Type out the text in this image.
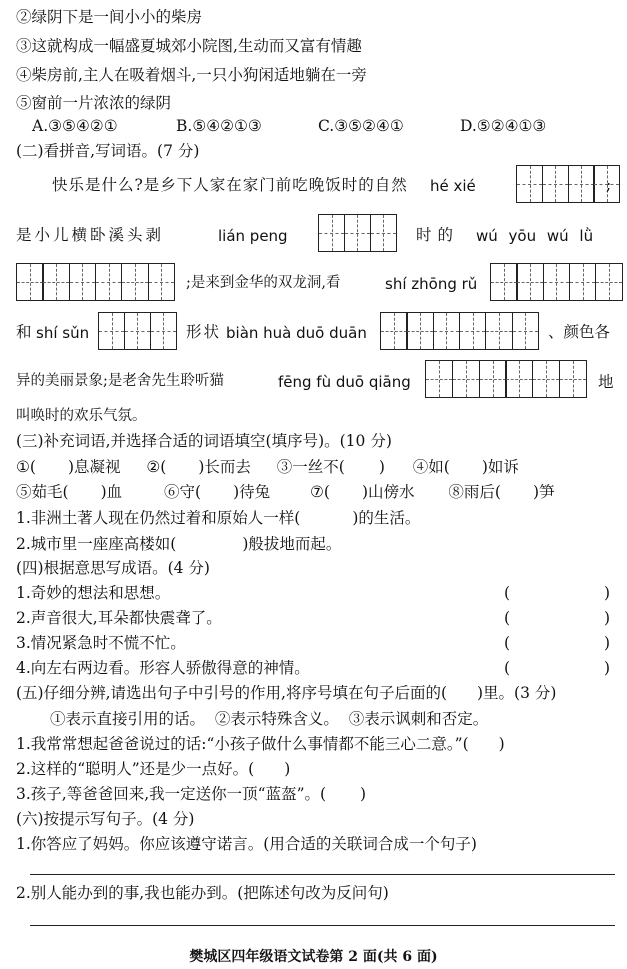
②绿阴下是一间小小的柴房
③这就构成一幅盛夏城郊小院图,生动而又富有情趣
④柴房前,主人在吸着烟斗,一只小狗闲适地躺在一旁
⑤窗前一片浓浓的绿阴
A.③⑤④②①	B.⑤④②①③	C.③⑤②④①	D.⑤②④①③
(二)看拼音,写词语。(7 分)
快乐是什么?是乡下人家在家门前吃晚饭时的自然 hé xié	;
是小儿横卧溪头剥	lián peng	时的 wú yōu wú lǜ
;是来到金华的双龙洞,看	shí zhōng rǔ
和 shí sǔn	形状 biàn huà duō duān	、颜色各
异的美丽景象;是老舍先生聆听猫	fēng fù duō qiāng	地
叫唤时的欢乐气氛。
(三)补充词语,并选择合适的词语填空(填序号)。(10 分)
①( )息凝视 ②( )长而去 ③一丝不( ) ④如( )如诉
⑤茹毛( )血	⑥守( )待兔	⑦( )山傍水 ⑧雨后( )笋
1.非洲土著人现在仍然过着和原始人一样(	)的生活。
2.城市里一座座高楼如(	)般拔地而起。
(四)根据意思写成语。(4 分)
1.奇妙的想法和思想。	(	)
2.声音很大,耳朵都快震聋了。	(	)
3.情况紧急时不慌不忙。	(	)
4.向左右两边看。形容人骄傲得意的神情。	(	)
(五)仔细分辨,请选出句子中引号的作用,将序号填在句子后面的( )里。(3 分)
①表示直接引用的话。  ②表示特殊含义。  ③表示讽刺和否定。
1.我常常想起爸爸说过的话:“小孩子做什么事情都不能三心二意。”( )
2.这样的“聪明人”还是少一点好。( )
3.孩子,等爸爸回来,我一定送你一顶“蓝盔”。( )
(六)按提示写句子。(4 分)
1.你答应了妈妈。你应该遵守诺言。(用合适的关联词合成一个句子)
2.别人能办到的事,我也能办到。(把陈述句改为反问句)
樊城区四年级语文试卷第 2 面(共 6 面)
